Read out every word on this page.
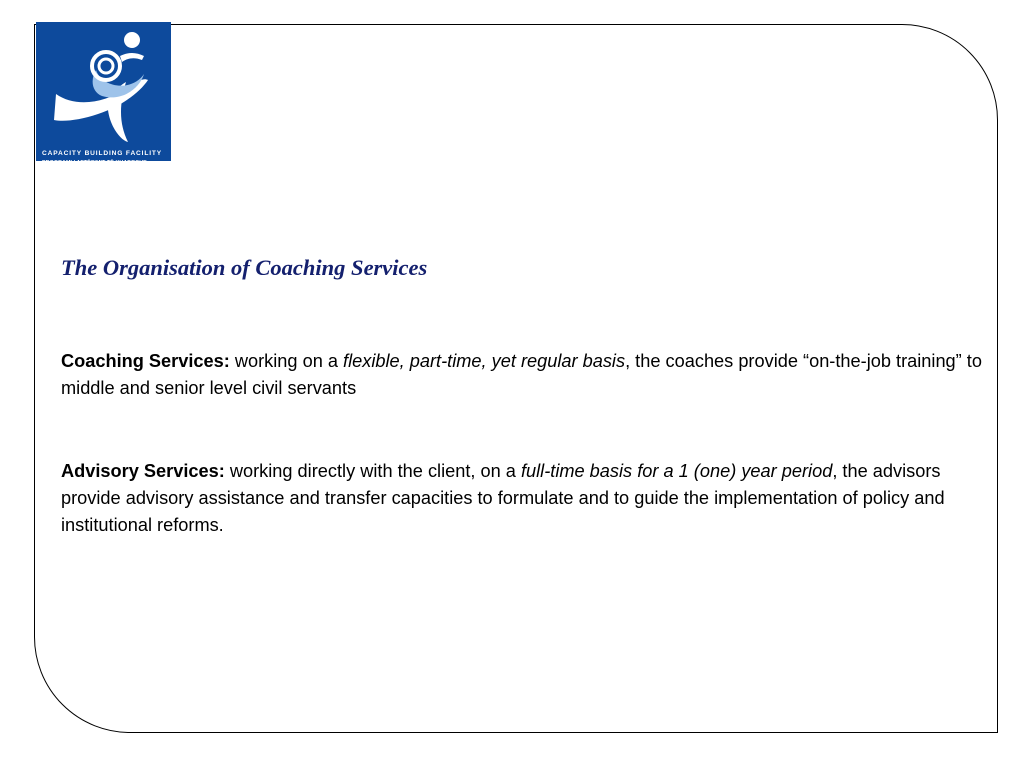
CAPACITY BUILDING FACILITY
PROGRAMI I AFTËSIMIT TË KUADROVE
PROGRAM IZAGRADNJE KAPACITETA
The Organisation of Coaching Services

Coaching Services: working on a flexible, part-time, yet regular basis, the coaches provide “on-the-job training” to middle and senior level civil servants

Advisory Services: working directly with the client, on a full-time basis for a 1 (one) year period, the advisors provide advisory assistance and transfer capacities to formulate and to guide the implementation of policy and institutional reforms.
